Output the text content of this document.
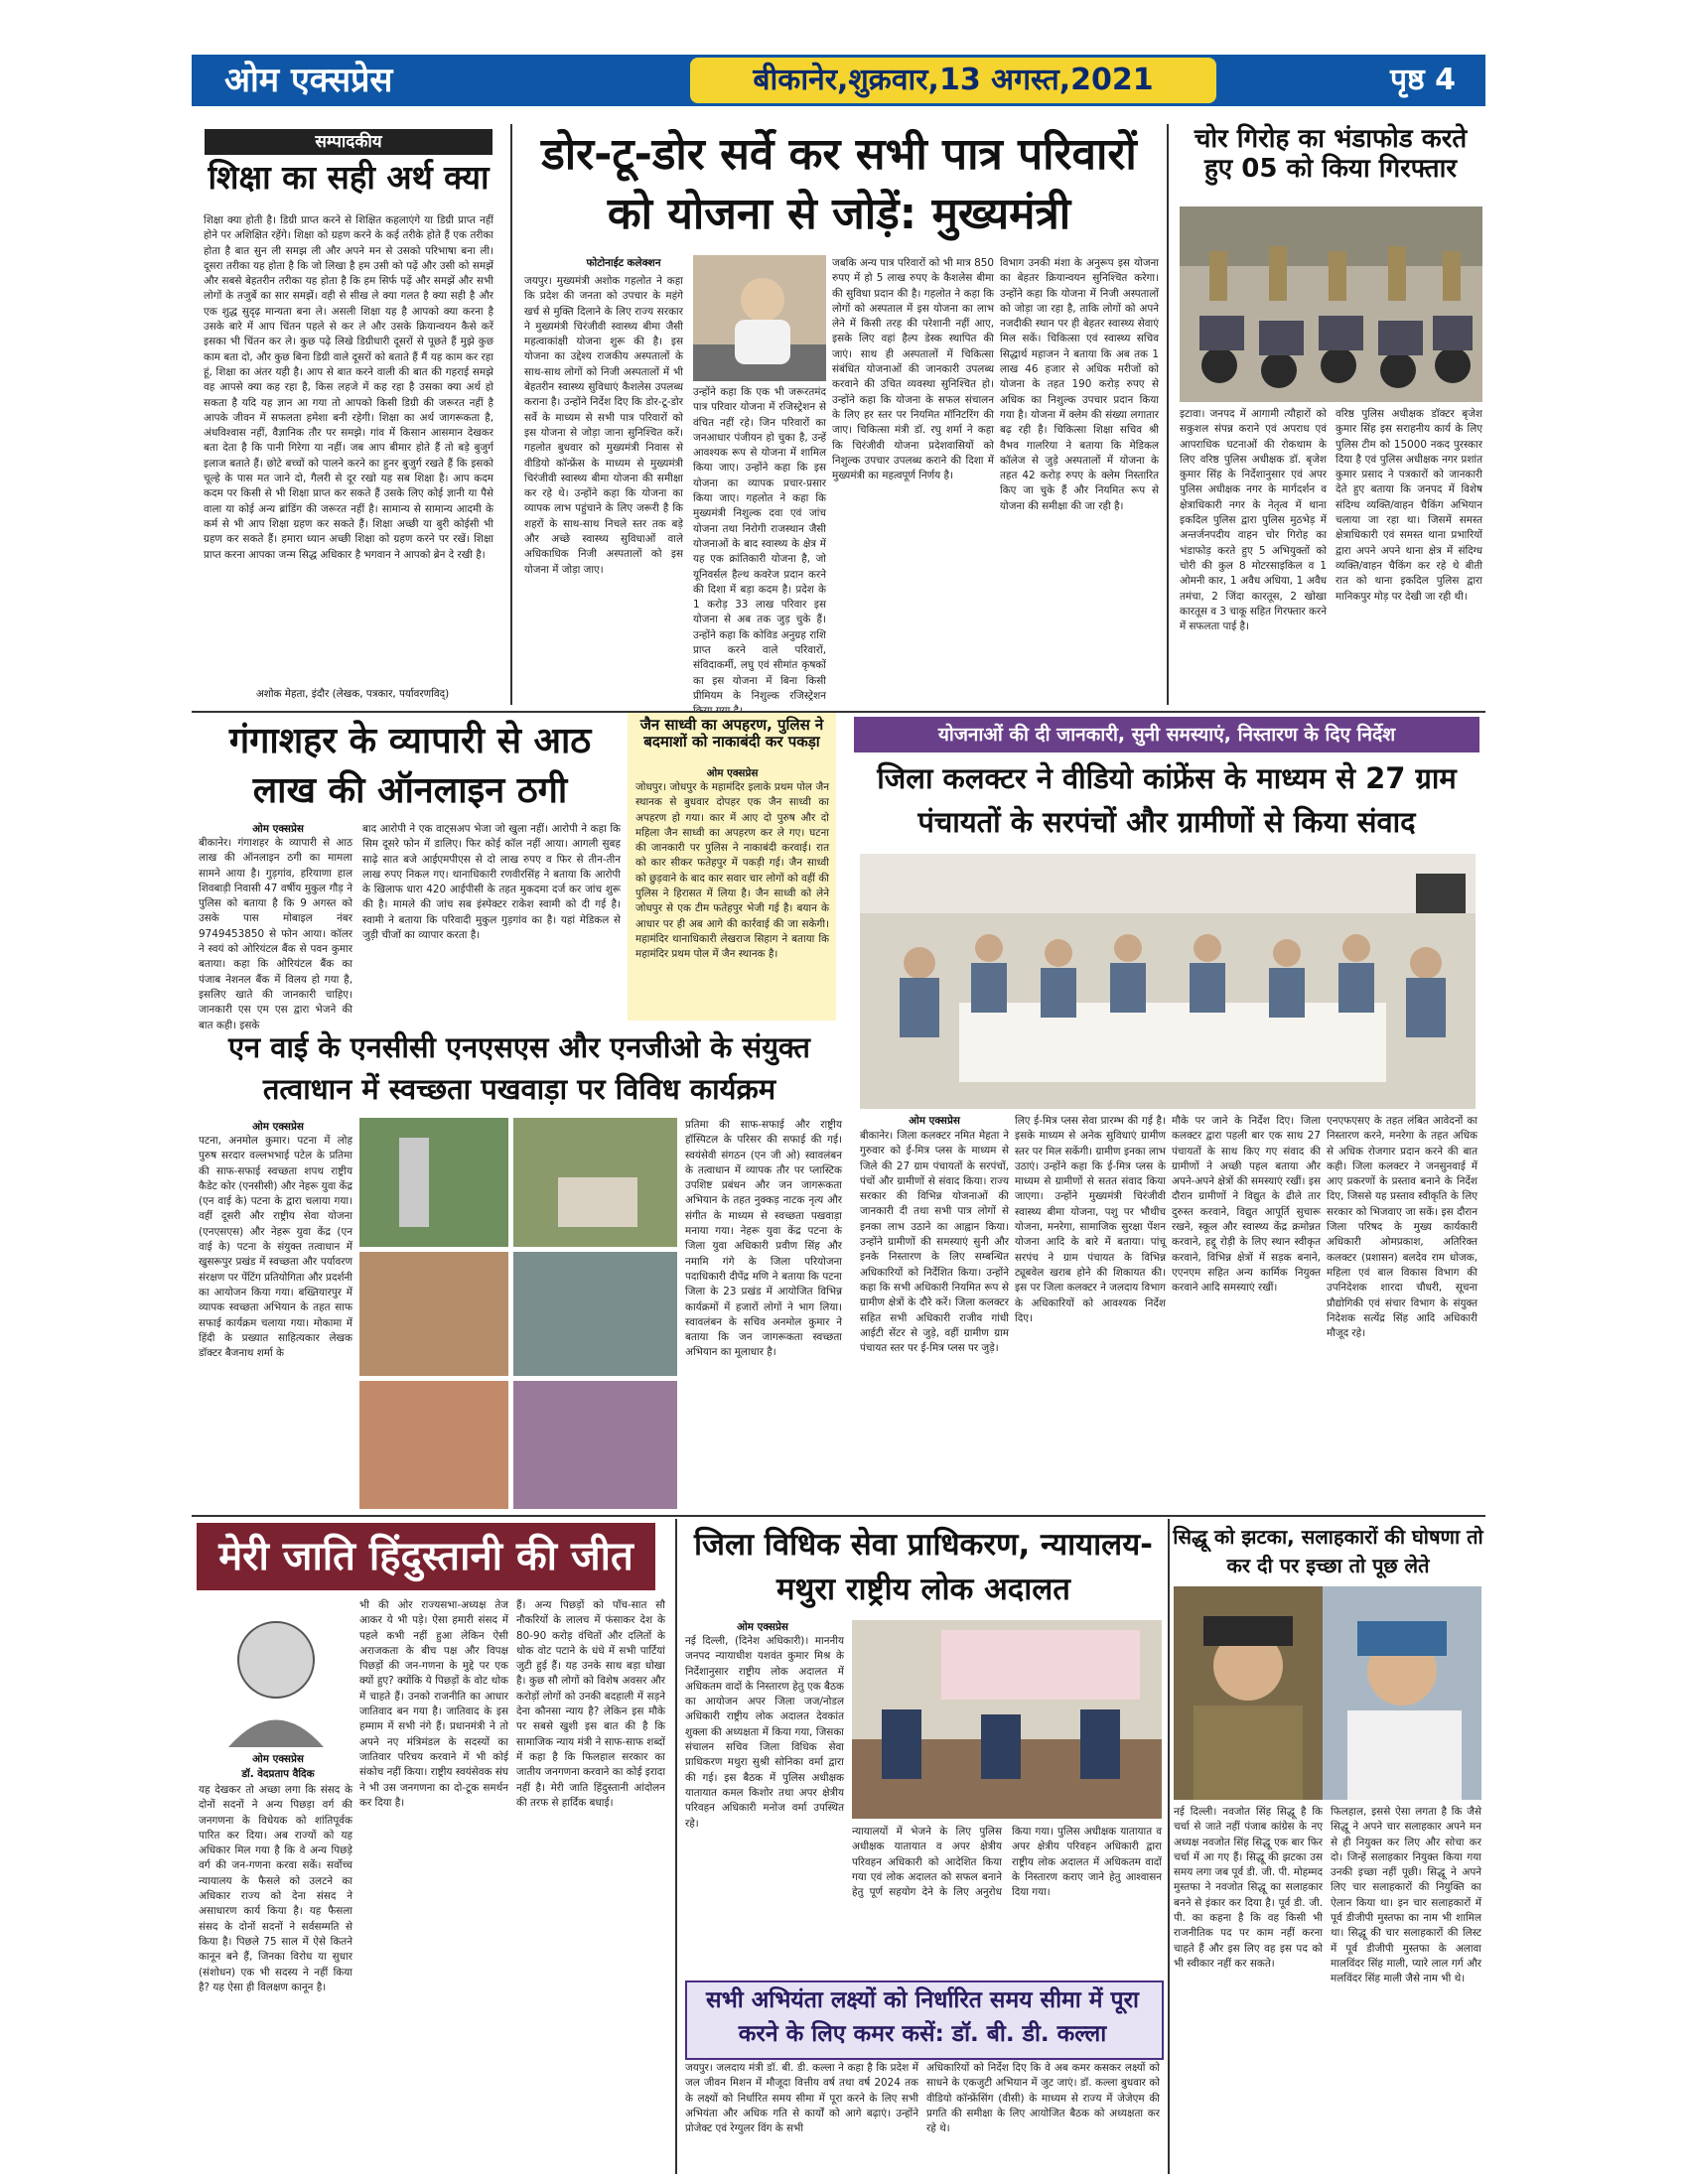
ओम एक्सप्रेस	बीकानेर,शुक्रवार,13 अगस्त,2021	पृष्ठ 4
सम्पादकीय
शिक्षा का सही अर्थ क्या
शिक्षा क्या होती है। डिग्री प्राप्त करने से शिक्षित कहलाएंगे या डिग्री प्राप्त नहीं होने पर अशिक्षित रहेंगे। शिक्षा को ग्रहण करने के कई तरीके होते हैं एक तरीका होता है बात सुन ली समझ ली और अपने मन से उसको परिभाषा बना ली। दूसरा तरीका यह होता है कि जो लिखा है हम उसी को पढ़ें और उसी को समझें और सबसे बेहतरीन तरीका यह होता है कि हम सिर्फ पढ़ें और समझें और सभी लोगों के तजुर्बे का सार समझें। वही से सीख ले क्या गलत है क्या सही है और एक शुद्ध सुदृढ़ मान्यता बना ले। असली शिक्षा यह है आपको क्या करना है उसके बारे में आप चिंतन पहले से कर ले और उसके क्रियान्वयन कैसे करें इसका भी चिंतन कर ले। कुछ पढ़े लिखे डिग्रीधारी दूसरों से पूछते हैं मुझे कुछ काम बता दो, और कुछ बिना डिग्री वाले दूसरों को बताते हैं मैं यह काम कर रहा हूं, शिक्षा का अंतर यही है। आप से बात करने वाली की बात की गहराई समझे वह आपसे क्या कह रहा है, किस लहजे में कह रहा है उसका क्या अर्थ हो सकता है यदि यह ज्ञान आ गया तो आपको किसी डिग्री की जरूरत नहीं है आपके जीवन में सफलता हमेशा बनी रहेगी। शिक्षा का अर्थ जागरूकता है, अंधविश्वास नहीं, वैज्ञानिक तौर पर समझे। गांव में किसान आसमान देखकर बता देता है कि पानी गिरेगा या नहीं। जब आप बीमार होते हैं तो बड़े बुजुर्ग इलाज बताते हैं। छोटे बच्चों को पालने करने का हुनर बुजुर्ग रखते हैं कि इसको चूल्हे के पास मत जाने दो, गैलरी से दूर रखो यह सब शिक्षा है। आप कदम कदम पर किसी से भी शिक्षा प्राप्त कर सकते हैं उसके लिए कोई ज्ञानी या पैसे वाला या कोई अन्य ब्रांडिंग की जरूरत नहीं है। सामान्य से सामान्य आदमी के कर्म से भी आप शिक्षा ग्रहण कर सकते हैं। शिक्षा अच्छी या बुरी कोईसी भी ग्रहण कर सकते हैं। हमारा ध्यान अच्छी शिक्षा को ग्रहण करने पर रखें। शिक्षा प्राप्त करना आपका जन्म सिद्ध अधिकार है भगवान ने आपको ब्रेन दे रखी है।
अशोक मेहता, इंदौर (लेखक, पत्रकार, पर्यावरणविद्)
डोर-टू-डोर सर्वे कर सभी पात्र परिवारों को योजना से जोड़ें: मुख्यमंत्री
फोटोनाईट कलेक्शन
जयपुर। मुख्यमंत्री अशोक गहलोत ने कहा कि प्रदेश की जनता को उपचार के महंगे खर्च से मुक्ति दिलाने के लिए राज्य सरकार ने मुख्यमंत्री चिरंजीवी स्वास्थ्य बीमा जैसी महत्वाकांक्षी योजना शुरू की है। इस योजना का उद्देश्य राजकीय अस्पतालों के साथ-साथ लोगों को निजी अस्पतालों में भी बेहतरीन स्वास्थ्य सुविधाएं कैशलेस उपलब्ध कराना है। उन्होंने निर्देश दिए कि डोर-टू-डोर सर्वे के माध्यम से सभी पात्र परिवारों को इस योजना से जोड़ा जाना सुनिश्चित करें। गहलोत बुधवार को मुख्यमंत्री निवास से वीडियो कॉन्फ्रेंस के माध्यम से मुख्यमंत्री चिरंजीवी स्वास्थ्य बीमा योजना की समीक्षा कर रहे थे। उन्होंने कहा कि योजना का व्यापक लाभ पहुंचाने के लिए जरूरी है कि शहरों के साथ-साथ निचले स्तर तक बड़े और अच्छे स्वास्थ्य सुविधाओं वाले अधिकाधिक निजी अस्पतालों को इस योजना में जोड़ा जाए।
उन्होंने कहा कि एक भी जरूरतमंद पात्र परिवार योजना में रजिस्ट्रेशन से वंचित नहीं रहे। जिन परिवारों का जनआधार पंजीयन हो चुका है, उन्हें आवश्यक रूप से योजना में शामिल किया जाए। उन्होंने कहा कि इस योजना का व्यापक प्रचार-प्रसार किया जाए। गहलोत ने कहा कि मुख्यमंत्री निशुल्क दवा एवं जांच योजना तथा निरोगी राजस्थान जैसी योजनाओं के बाद स्वास्थ्य के क्षेत्र में यह एक क्रांतिकारी योजना है, जो यूनिवर्सल हैल्थ कवरेज प्रदान करने की दिशा में बड़ा कदम है। प्रदेश के 1 करोड़ 33 लाख परिवार इस योजना से अब तक जुड़ चुके हैं। उन्होंने कहा कि कोविड अनुग्रह राशि प्राप्त करने वाले परिवारों, संविदाकर्मी, लघु एवं सीमांत कृषकों का इस योजना में बिना किसी प्रीमियम के निशुल्क रजिस्ट्रेशन
जबकि अन्य पात्र परिवारों को भी मात्र 850 रुपए में हो 5 लाख रुपए के कैशलेस बीमा की सुविधा प्रदान की है। गहलोत ने कहा कि लोगों को अस्पताल में इस योजना का लाभ लेने में किसी तरह की परेशानी नहीं आए, इसके लिए वहां हैल्प डेस्क स्थापित की जाएं। साथ ही अस्पतालों में चिकित्सा संबंधित योजनाओं की जानकारी उपलब्ध करवाने की उचित व्यवस्था सुनिश्चित हो। उन्होंने कहा कि योजना के सफल संचालन के लिए हर स्तर पर नियमित मॉनिटरिंग की जाए। चिकित्सा मंत्री डॉ. रघु शर्मा ने कहा कि चिरंजीवी योजना प्रदेशवासियों को निशुल्क उपचार उपलब्ध कराने की दिशा में मुख्यमंत्री का महत्वपूर्ण निर्णय है।
विभाग उनकी मंशा के अनुरूप इस योजना का बेहतर क्रियान्वयन सुनिश्चित करेगा। उन्होंने कहा कि योजना में निजी अस्पतालों को जोड़ा जा रहा है, ताकि लोगों को अपने नजदीकी स्थान पर ही बेहतर स्वास्थ्य सेवाएं मिल सकें। चिकित्सा एवं स्वास्थ्य सचिव सिद्धार्थ महाजन ने बताया कि अब तक 1 लाख 46 हजार से अधिक मरीजों को योजना के तहत 190 करोड़ रुपए से अधिक का निशुल्क उपचार प्रदान किया गया है। योजना में क्लेम की संख्या लगातार बढ़ रही है। चिकित्सा शिक्षा सचिव श्री वैभव गालरिया ने बताया कि मेडिकल कॉलेज से जुड़े अस्पतालों में योजना के तहत 42 करोड़ रुपए के क्लेम निस्तारित किए जा चुके हैं और नियमित रूप से योजना की समीक्षा की जा रही है।
चोर गिरोह का भंडाफोड करते हुए 05 को किया गिरफ्तार
इटावा। जनपद में आगामी त्यौहारों को सकुशल संपन्न कराने एवं अपराध एवं आपराधिक घटनाओं की रोकथाम के लिए वरिष्ठ पुलिस अधीक्षक डॉ. बृजेश कुमार सिंह के निर्देशानुसार एवं अपर पुलिस अधीक्षक नगर के मार्गदर्शन व क्षेत्राधिकारी नगर के नेतृत्व में थाना इकदिल पुलिस द्वारा पुलिस मुठभेड़ में अन्तर्जनपदीय वाहन चोर गिरोह का भंडाफोड़ करते हुए 5 अभियुक्तों को चोरी की कुल 8 मोटरसाइकिल व 1 ओमनी कार, 1 अवैध अधिया, 1 अवैध तमंचा, 2 जिंदा कारतूस, 2 खोखा कारतूस व 3 चाकू सहित गिरफ्तार करने में सफलता पाई है।
वरिष्ठ पुलिस अधीक्षक डॉक्टर बृजेश कुमार सिंह इस सराहनीय कार्य के लिए पुलिस टीम को 15000 नकद पुरस्कार दिया है एवं पुलिस अधीक्षक नगर प्रशांत कुमार प्रसाद ने पत्रकारों को जानकारी देते हुए बताया कि जनपद में विशेष संदिग्ध व्यक्ति/वाहन चैकिंग अभियान चलाया जा रहा था। जिसमें समस्त क्षेत्राधिकारी एवं समस्त थाना प्रभारियों द्वारा अपने अपने थाना क्षेत्र में संदिग्ध व्यक्ति/वाहन चैकिंग कर रहे थे बीती रात को थाना इकदिल पुलिस द्वारा मानिकपुर मोड़ पर देखी जा रही थी।
गंगाशहर के व्यापारी से आठ लाख की ऑनलाइन ठगी
ओम एक्सप्रेस
बीकानेर। गंगाशहर के व्यापारी से आठ लाख की ऑनलाइन ठगी का मामला सामने आया है। गुड़गांव, हरियाणा हाल शिवबाड़ी निवासी 47 वर्षीय मुकुल गौड़ ने पुलिस को बताया है कि 9 अगस्त को उसके पास मोबाइल नंबर 9749453850 से फोन आया। कॉलर ने स्वयं को ओरियंटल बैंक से पवन कुमार बताया। कहा कि ओरियंटल बैंक का पंजाब नेशनल बैंक में विलय हो गया है, इसलिए खाते की जानकारी चाहिए। जानकारी एस एम एस द्वारा भेजने की बात कही। इसके
बाद आरोपी ने एक वाट्सअप भेजा जो खुला नहीं। आरोपी ने कहा कि सिम दूसरे फोन में डालिए। फिर कोई कॉल नहीं आया। आगली सुबह साढ़े सात बजे आईएमपीएस से दो लाख रुपए व फिर से तीन-तीन लाख रुपए निकल गए। थानाधिकारी रणवीरसिंह ने बताया कि आरोपी के खिलाफ धारा 420 आईपीसी के तहत मुकदमा दर्ज कर जांच शुरू की है। मामले की जांच सब इंस्पेक्टर राकेश स्वामी को दी गई है। स्वामी ने बताया कि परिवादी मुकुल गुड़गांव का है। यहां मेडिकल से जुड़ी चीजों का व्यापार करता है।
जैन साध्वी का अपहरण, पुलिस ने बदमाशों को नाकाबंदी कर पकड़ा
ओम एक्सप्रेस
जोधपुर। जोधपुर के महामंदिर इलाके प्रथम पोल जैन स्थानक से बुधवार दोपहर एक जैन साध्वी का अपहरण हो गया। कार में आए दो पुरुष और दो महिला जैन साध्वी का अपहरण कर ले गए। घटना की जानकारी पर पुलिस ने नाकाबंदी करवाई। रात को कार सीकर फतेहपुर में पकड़ी गई। जैन साध्वी को छुड़वाने के बाद कार सवार चार लोगों को वहीं की पुलिस ने हिरासत में लिया है। जैन साध्वी को लेने जोधपुर से एक टीम फतेहपुर भेजी गई है। बयान के आधार पर ही अब आगे की कार्रवाई की जा सकेगी। महामंदिर थानाधिकारी लेखराज सिहाग ने बताया कि महामंदिर प्रथम पोल में जैन स्थानक है।
योजनाओं की दी जानकारी, सुनी समस्याएं, निस्तारण के दिए निर्देश
जिला कलक्टर ने वीडियो कांफ्रेंस के माध्यम से 27 ग्राम पंचायतों के सरपंचों और ग्रामीणों से किया संवाद
ओम एक्सप्रेस
बीकानेर। जिला कलक्टर नमित मेहता ने गुरुवार को ई-मित्र प्लस के माध्यम से जिले की 27 ग्राम पंचायतों के सरपंचों, पंचों और ग्रामीणों से संवाद किया। राज्य सरकार की विभिन्न योजनाओं की जानकारी दी तथा सभी पात्र लोगों से इनका लाभ उठाने का आह्वान किया। उन्होंने ग्रामीणों की समस्याएं सुनी और इनके निस्तारण के लिए सम्बन्धित अधिकारियों को निर्देशित किया। उन्होंने कहा कि सभी अधिकारी नियमित रूप से ग्रामीण क्षेत्रों के दौरे करें। जिला कलक्टर सहित सभी अधिकारी राजीव गांधी आईटी सेंटर से जुड़े, वहीं ग्रामीण ग्राम पंचायत स्तर पर ई-मित्र प्लस पर जुड़े।
लिए ई-मित्र प्लस सेवा प्रारम्भ की गई है। इसके माध्यम से अनेक सुविधाएं ग्रामीण स्तर पर मिल सकेंगी। ग्रामीण इनका लाभ उठाएं। उन्होंने कहा कि ई-मित्र प्लस के माध्यम से ग्रामीणों से सतत संवाद किया जाएगा। उन्होंने मुख्यमंत्री चिरंजीवी स्वास्थ्य बीमा योजना, पशु पर भौथीच योजना, मनरेगा, सामाजिक सुरक्षा पेंशन योजना आदि के बारे में बताया। पांचू सरपंच ने ग्राम पंचायत के विभिन्न ट्यूबवेल खराब होने की शिकायत की। इस पर जिला कलक्टर ने जलदाय विभाग के अधिकारियों को आवश्यक निर्देश दिए।
मौके पर जाने के निर्देश दिए। जिला कलक्टर द्वारा पहली बार एक साथ 27 पंचायतों के साथ किए गए संवाद की ग्रामीणों ने अच्छी पहल बताया और अपने-अपने क्षेत्रों की समस्याएं रखीं। इस दौरान ग्रामीणों ने विद्युत के ढीले तार दुरुस्त करवाने, विद्युत आपूर्ति सुचारू रखने, स्कूल और स्वास्थ्य केंद्र क्रमोन्नत करवाने, हद्दू रोड़ी के लिए स्थान स्वीकृत करवाने, विभिन्न क्षेत्रों में सड़क बनाने, एएनएम सहित अन्य कार्मिक नियुक्त करवाने आदि समस्याएं रखीं।
एनएफएसए के तहत लंबित आवेदनों का निस्तारण करने, मनरेगा के तहत अधिक से अधिक रोजगार प्रदान करने की बात कही। जिला कलक्टर ने जनसुनवाई में आए प्रकरणों के प्रस्ताव बनाने के निर्देश दिए, जिससे यह प्रस्ताव स्वीकृति के लिए सरकार को भिजवाए जा सकें। इस दौरान जिला परिषद के मुख्य कार्यकारी अधिकारी ओमप्रकाश, अतिरिक्त कलक्टर (प्रशासन) बलदेव राम धोजक, महिला एवं बाल विकास विभाग की उपनिदेशक शारदा चौधरी, सूचना प्रौद्योगिकी एवं संचार विभाग के संयुक्त निदेशक सत्येंद्र सिंह आदि अधिकारी मौजूद रहे।
एन वाई के एनसीसी एनएसएस और एनजीओ के संयुक्त तत्वाधान में स्वच्छता पखवाड़ा पर विविध कार्यक्रम
ओम एक्सप्रेस
पटना, अनमोल कुमार। पटना में लोह पुरुष सरदार वल्लभभाई पटेल के प्रतिमा की साफ-सफाई स्वच्छता शपथ राष्ट्रीय कैडेट कोर (एनसीसी) और नेहरू युवा केंद्र (एन वाई के) पटना के द्वारा चलाया गया। वहीं दूसरी और राष्ट्रीय सेवा योजना (एनएसएस) और नेहरू युवा केंद्र (एन वाई के) पटना के संयुक्त तत्वाधान में खुसरूपुर प्रखंड में स्वच्छता और पर्यावरण संरक्षण पर पेंटिंग प्रतियोगिता और प्रदर्शनी का आयोजन किया गया। बख्तियारपुर में व्यापक स्वच्छता अभियान के तहत साफ सफाई कार्यक्रम चलाया गया। मोकामा में हिंदी के प्रख्यात साहित्यकार लेखक डॉक्टर बैजनाथ शर्मा के
प्रतिमा की साफ-सफाई और राष्ट्रीय हॉस्पिटल के परिसर की सफाई की गई। स्वयंसेवी संगठन (एन जी ओ) स्वावलंबन के तत्वाधान में व्यापक तौर पर प्लास्टिक उपशिष्ट प्रबंधन और जन जागरूकता अभियान के तहत नुक्कड़ नाटक नृत्य और संगीत के माध्यम से स्वच्छता पखवाड़ा मनाया गया। नेहरू युवा केंद्र पटना के जिला युवा अधिकारी प्रवीण सिंह और नमामि गंगे के जिला परियोजना पदाधिकारी दीपेंद्र मणि ने बताया कि पटना जिला के 23 प्रखंड में आयोजित विभिन्न कार्यक्रमों में हजारों लोगों ने भाग लिया। स्वावलंबन के सचिव अनमोल कुमार ने बताया कि जन जागरूकता स्वच्छता अभियान का मूलाधार है।
मेरी जाति हिंदुस्तानी की जीत
ओम एक्सप्रेस
डॉ. वेदप्रताप वैदिक
यह देखकर तो अच्छा लगा कि संसद के दोनों सदनों ने अन्य पिछड़ा वर्ग की जनगणना के विधेयक को शांतिपूर्वक पारित कर दिया। अब राज्यों को यह अधिकार मिल गया है कि वे अन्य पिछड़े वर्ग की जन-गणना करवा सकें। सर्वोच्च न्यायालय के फैसले को उलटने का अधिकार राज्य को देना संसद ने असाधारण कार्य किया है। यह फैसला संसद के दोनों सदनों ने सर्वसम्मति से किया है। पिछले 75 साल में ऐसे कितने कानून बने हैं, जिनका विरोध या सुधार (संशोधन) एक भी सदस्य ने नहीं किया है? यह ऐसा ही विलक्षण कानून है।
भी की ओर राज्यसभा-अध्यक्ष तेज आकर ये भी पड़े। ऐसा हमारी संसद में पहले कभी नहीं हुआ लेकिन ऐसी अराजकता के बीच पक्ष और विपक्ष पिछड़ों की जन-गणना के मुद्दे पर एक क्यों हुए? क्योंकि ये पिछड़ों के वोट थोक में चाहते हैं। उनको राजनीति का आधार जातिवाद बन गया है। जातिवाद के इस हम्माम में सभी नंगे हैं। प्रधानमंत्री ने तो अपने नए मंत्रिमंडल के सदस्यों का जातिवार परिचय करवाने में भी कोई संकोच नहीं किया। राष्ट्रीय स्वयंसेवक संघ ने भी उस जनगणना का दो-टूक समर्थन कर दिया है।
हैं। अन्य पिछड़ों को पाँच-सात सौ नौकरियों के लालच में फंसाकर देश के 80-90 करोड़ वंचितों और दलितों के थोक वोट पटाने के धंधे में सभी पार्टियां जुटी हुई हैं। यह उनके साथ बड़ा धोखा है। कुछ सौ लोगों को विशेष अवसर और करोड़ों लोगों को उनकी बदहाली में सड़ने देना कौनसा न्याय है? लेकिन इस मौके पर सबसे खुशी इस बात की है कि सामाजिक न्याय मंत्री ने साफ-साफ शब्दों में कहा है कि फिलहाल सरकार का जातीय जनगणना करवाने का कोई इरादा नहीं है। मेरी जाति हिंदुस्तानी आंदोलन की तरफ से हार्दिक बधाई।
जिला विधिक सेवा प्राधिकरण, न्यायालय-मथुरा राष्ट्रीय लोक अदालत
ओम एक्सप्रेस
नई दिल्ली, (दिनेश अधिकारी)। माननीय जनपद न्यायाधीश यशवंत कुमार मिश्र के निर्देशानुसार राष्ट्रीय लोक अदालत में अधिकतम वादों के निस्तारण हेतु एक बैठक का आयोजन अपर जिला जज/नोडल अधिकारी राष्ट्रीय लोक अदालत देवकांत शुक्ला की अध्यक्षता में किया गया, जिसका संचालन सचिव जिला विधिक सेवा प्राधिकरण मथुरा सुश्री सोनिका वर्मा द्वारा की गई। इस बैठक में पुलिस अधीक्षक यातायात कमल किशोर तथा अपर क्षेत्रीय परिवहन अधिकारी मनोज वर्मा उपस्थित रहे।
न्यायालयों में भेजने के लिए पुलिस अधीक्षक यातायात व अपर क्षेत्रीय परिवहन अधिकारी को आदेशित किया गया एवं लोक अदालत को सफल बनाने हेतु पूर्ण सहयोग देने के लिए अनुरोध किया गया। पुलिस अधीक्षक यातायात व अपर क्षेत्रीय परिवहन अधिकारी द्वारा राष्ट्रीय लोक अदालत में अधिकतम वादों के निस्तारण कराए जाने हेतु आश्वासन दिया गया।
सभी अभियंता लक्ष्यों को निर्धारित समय सीमा में पूरा करने के लिए कमर कसें: डॉ. बी. डी. कल्ला
जयपुर। जलदाय मंत्री डॉ. बी. डी. कल्ला ने कहा है कि प्रदेश में जल जीवन मिशन में मौजूदा वित्तीय वर्ष तथा वर्ष 2024 तक के लक्ष्यों को निर्धारित समय सीमा में पूरा करने के लिए सभी अभियंता और अधिक गति से कार्यों को आगे बढ़ाएं। उन्होंने प्रोजेक्ट एवं रेग्युलर विंग के सभी
अधिकारियों को निर्देश दिए कि वे अब कमर कसकर लक्ष्यों को साधने के एकजुटी अभियान में जुट जाएं। डॉ. कल्ला बुधवार को वीडियो कॉन्फ्रेंसिंग (वीसी) के माध्यम से राज्य में जेजेएम की प्रगति की समीक्षा के लिए आयोजित बैठक को अध्यक्षता कर रहे थे।
सिद्धू को झटका, सलाहकारों की घोषणा तो कर दी पर इच्छा तो पूछ लेते
नई दिल्ली। नवजोत सिंह सिद्धू है कि चर्चा से जाते नहीं पंजाब कांग्रेस के नए अध्यक्ष नवजोत सिंह सिद्धू एक बार फिर चर्चा में आ गए हैं। सिद्धू की झटका उस समय लगा जब पूर्व डी. जी. पी. मोहम्मद मुस्तफा ने नवजोत सिद्धू का सलाहकार बनने से इंकार कर दिया है। पूर्व डी. जी. पी. का कहना है कि वह किसी भी राजनीतिक पद पर काम नहीं करना चाहते हैं और इस लिए वह इस पद को भी स्वीकार नहीं कर सकते।
फिलहाल, इससे ऐसा लगता है कि जैसे सिद्धू ने अपने चार सलाहकार अपने मन से ही नियुक्त कर लिए और सोचा कर दो। जिन्हें सलाहकार नियुक्त किया गया उनकी इच्छा नहीं पूछी। सिद्धू ने अपने लिए चार सलाहकारों की नियुक्ति का ऐलान किया था। इन चार सलाहकारों में पूर्व डीजीपी मुस्तफा का नाम भी शामिल था। सिद्धू की चार सलाहकारों की लिस्ट में पूर्व डीजीपी मुस्तफा के अलावा मालविंदर सिंह माली, प्यारे लाल गर्ग और मलविंदर सिंह माली जैसे नाम भी थे।
